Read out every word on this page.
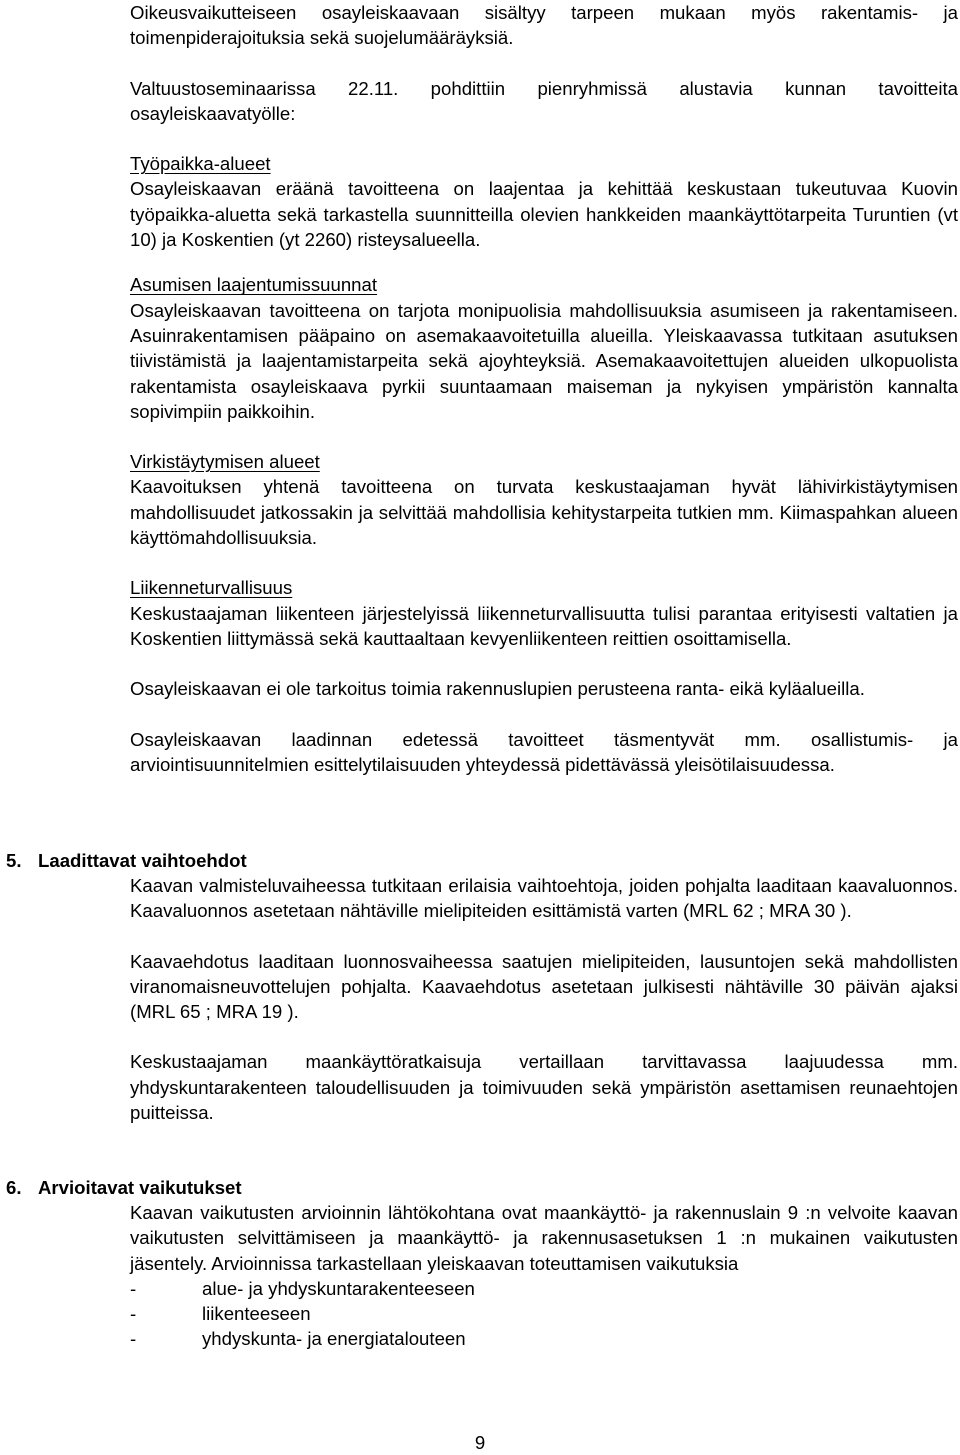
Oikeusvaikutteiseen osayleiskaavaan sisältyy tarpeen mukaan myös rakentamis- ja toimenpiderajoituksia sekä suojelumääräyksiä.

Valtuustoseminaarissa 22.11. pohdittiin pienryhmissä alustavia kunnan tavoitteita osayleiskaavatyölle:

Työpaikka-alueet

Osayleiskaavan eräänä tavoitteena on laajentaa ja kehittää keskustaan tukeutuvaa Kuovin työpaikka-aluetta sekä tarkastella suunnitteilla olevien hankkeiden maankäyttötarpeita Turuntien (vt 10) ja Koskentien (yt 2260) risteysalueella.

Asumisen laajentumissuunnat

Osayleiskaavan tavoitteena on tarjota monipuolisia mahdollisuuksia asumiseen ja rakentamiseen. Asuinrakentamisen pääpaino on asemakaavoitetuilla alueilla. Yleiskaavassa tutkitaan asutuksen tiivistämistä ja laajentamistarpeita sekä ajoyhteyksiä. Asemakaavoitettujen alueiden ulkopuolista rakentamista osayleiskaava pyrkii suuntaamaan maiseman ja nykyisen ympäristön kannalta sopivimpiin paikkoihin.

Virkistäytymisen alueet

Kaavoituksen yhtenä tavoitteena on turvata keskustaajaman hyvät lähivirkistäytymisen mahdollisuudet jatkossakin ja selvittää mahdollisia kehitystarpeita tutkien mm. Kiimaspahkan alueen käyttömahdollisuuksia.

Liikenneturvallisuus

Keskustaajaman liikenteen järjestelyissä liikenneturvallisuutta tulisi parantaa erityisesti valtatien ja Koskentien liittymässä sekä kauttaaltaan kevyenliikenteen reittien osoittamisella.

Osayleiskaavan ei ole tarkoitus toimia rakennuslupien perusteena ranta- eikä kyläalueilla.

Osayleiskaavan laadinnan edetessä tavoitteet täsmentyvät mm. osallistumis- ja arviointisuunnitelmien esittelytilaisuuden yhteydessä pidettävässä yleisötilaisuudessa.

5. Laadittavat vaihtoehdot

Kaavan valmisteluvaiheessa tutkitaan erilaisia vaihtoehtoja, joiden pohjalta laaditaan kaavaluonnos. Kaavaluonnos asetetaan nähtäville mielipiteiden esittämistä varten (MRL 62 ; MRA 30 ).

Kaavaehdotus laaditaan luonnosvaiheessa saatujen mielipiteiden, lausuntojen sekä mahdollisten viranomaisneuvottelujen pohjalta. Kaavaehdotus asetetaan julkisesti nähtäville 30 päivän ajaksi (MRL 65 ; MRA 19 ).

Keskustaajaman maankäyttöratkaisuja vertaillaan tarvittavassa laajuudessa mm. yhdyskuntarakenteen taloudellisuuden ja toimivuuden sekä ympäristön asettamisen reunaehtojen puitteissa.

6. Arvioitavat vaikutukset

Kaavan vaikutusten arvioinnin lähtökohtana ovat maankäyttö- ja rakennuslain 9 :n velvoite kaavan vaikutusten selvittämiseen ja maankäyttö- ja rakennusasetuksen 1 :n mukainen vaikutusten jäsentely. Arvioinnissa tarkastellaan yleiskaavan toteuttamisen vaikutuksia

-	alue- ja yhdyskuntarakenteeseen
-	liikenteeseen
-	yhdyskunta- ja energiatalouteen
9
